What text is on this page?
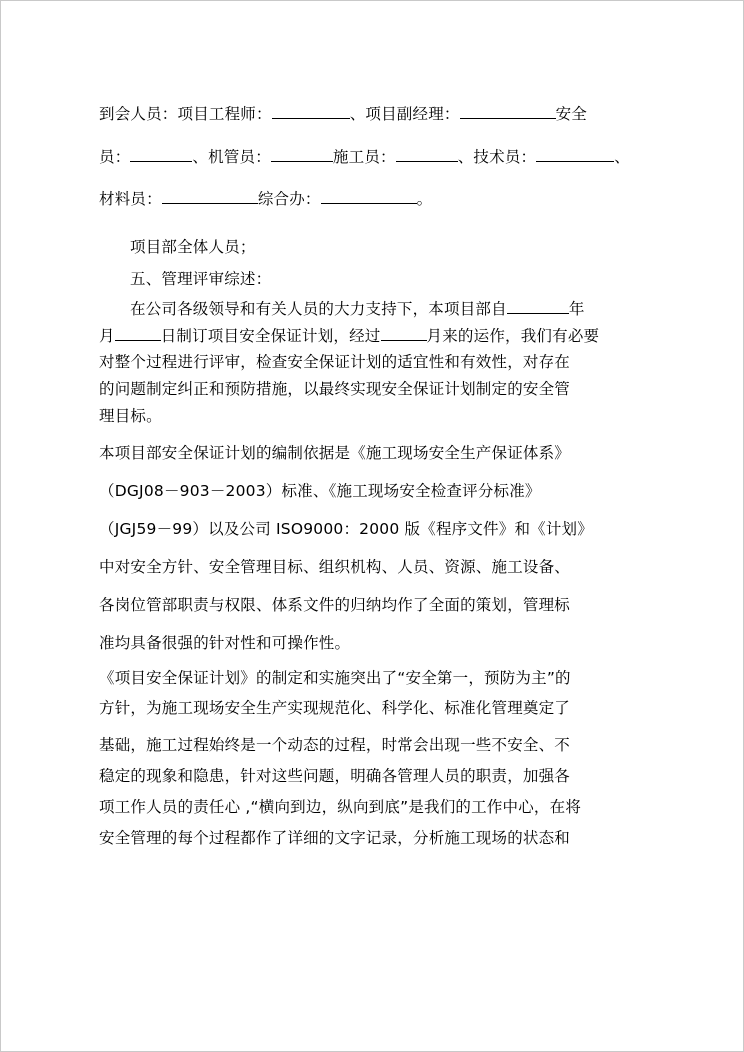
到会人员：项目工程师：	、项目副经理：	安全
员：	、机管员：	施工员：	、技术员：	、
材料员：	综合办：	。

项目部全体人员；

五、管理评审综述：

在公司各级领导和有关人员的大力支持下，本项目部自	年
月	日制订项目安全保证计划，经过	月来的运作，我们有必要
对整个过程进行评审，检查安全保证计划的适宜性和有效性，对存在
的问题制定纠正和预防措施，以最终实现安全保证计划制定的安全管
理目标。
本项目部安全保证计划的编制依据是《施工现场安全生产保证体系》
（DGJ08－903－2003）标准、《施工现场安全检查评分标准》
（JGJ59－99）以及公司 ISO9000：2000 版《程序文件》和《计划》
中对安全方针、安全管理目标、组织机构、人员、资源、施工设备、
各岗位管部职责与权限、体系文件的归纳均作了全面的策划，管理标
准均具备很强的针对性和可操作性。
《项目安全保证计划》的制定和实施突出了“安全第一，预防为主”的
方针，为施工现场安全生产实现规范化、科学化、标准化管理奠定了
基础，施工过程始终是一个动态的过程，时常会出现一些不安全、不
稳定的现象和隐患，针对这些问题，明确各管理人员的职责，加强各
项工作人员的责任心 ,“横向到边，纵向到底”是我们的工作中心，在将
安全管理的每个过程都作了详细的文字记录，分析施工现场的状态和
